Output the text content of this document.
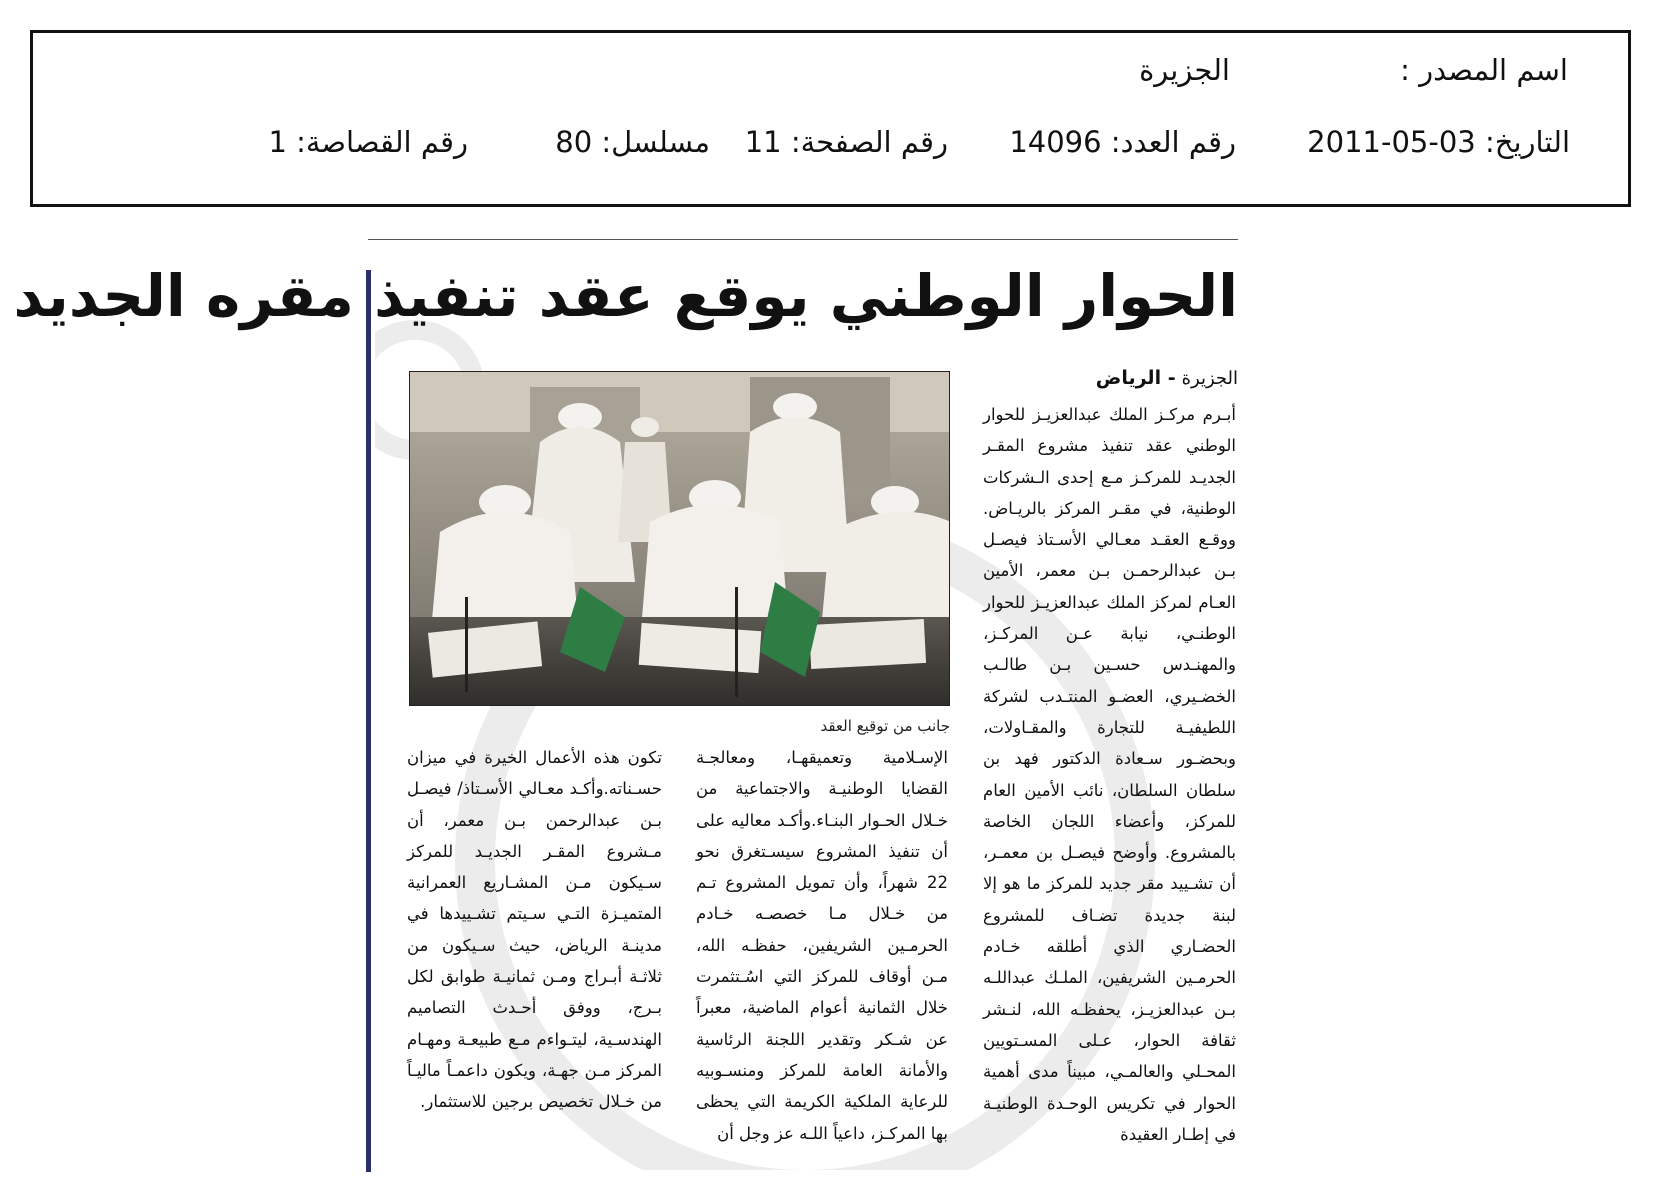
اسم المصدر :
الجزيرة
التاريخ: 03-05-2011
رقم العدد: 14096
رقم الصفحة: 11
مسلسل: 80
رقم القصاصة: 1
الحوار الوطني يوقع عقد تنفيذ مقره الجديد
جانب من توقيع العقد
الجزيرة- الرياض

أبـرم مركـز الملك عبدالعزيـز للحوار الوطني عقد تنفيذ مشروع المقـر الجديـد للمركـز مـع إحدى الـشركات الوطنية، في مقـر المركز بالريـاض. ووقـع العقـد معـالي الأسـتاذ فيصـل بـن عبدالرحمـن بـن معمر، الأمين العـام لمركز الملك عبدالعزيـز للحوار الوطنـي، نيابة عـن المركـز، والمهنـدس حسـين بـن طالـب الخضـيري، العضـو المنتـدب لشركة اللطيفيـة للتجارة والمقـاولات، وبحضـور سـعادة الدكتور فهد بن سلطان السلطان، نائب الأمين العام للمركز، وأعضاء اللجان الخاصة بالمشروع. وأوضح فيصـل بن معمـر، أن تشـييد مقر جديد للمركز ما هو إلا لبنة جديدة تضـاف للمشروع الحضـاري الذي أطلقه خـادم الحرمـين الشريفين، الملـك عبداللـه بـن عبدالعزيـز، يحفظـه الله، لنـشر ثقافة الحوار، عـلى المسـتويين المحـلي والعالمـي، مبيناً مدى أهمية الحوار في تكريس الوحـدة الوطنيـة في إطـار العقيدة

الإسـلامية وتعميقهـا، ومعالجـة القضايا الوطنيـة والاجتماعية من خـلال الحـوار البنـاء.وأكـد معاليه على أن تنفيذ المشروع سيسـتغرق نحو 22 شهراً، وأن تمويل المشروع تـم من خـلال مـا خصصـه خـادم الحرمـين الشريفين، حفظـه الله، مـن أوقاف للمركز التي اسُـتثمرت خلال الثمانية أعوام الماضية، معبراً عن شـكر وتقدير اللجنة الرئاسية والأمانة العامة للمركز ومنسـوبيه للرعاية الملكية الكريمة التي يحظى بها المركـز، داعياً اللـه عز وجل أن

تكون هذه الأعمال الخيرة في ميزان حسـناته.وأكـد معـالي الأسـتاذ/ فيصـل بـن عبدالرحمن بـن معمر، أن مـشروع المقـر الجديـد للمركز سـيكون مـن المشـاريع العمرانية المتميـزة التـي سـيتم تشـييدها في مدينـة الرياض، حيث سـيكون من ثلاثـة أبـراج ومـن ثمانيـة طوابق لكل بـرج، ووفق أحـدث التصاميم الهندسـية، ليتـواءم مـع طبيعـة ومهـام المركز مـن جهـة، ويكون داعمـاً ماليـاً من خـلال تخصيص برجين للاستثمار.
